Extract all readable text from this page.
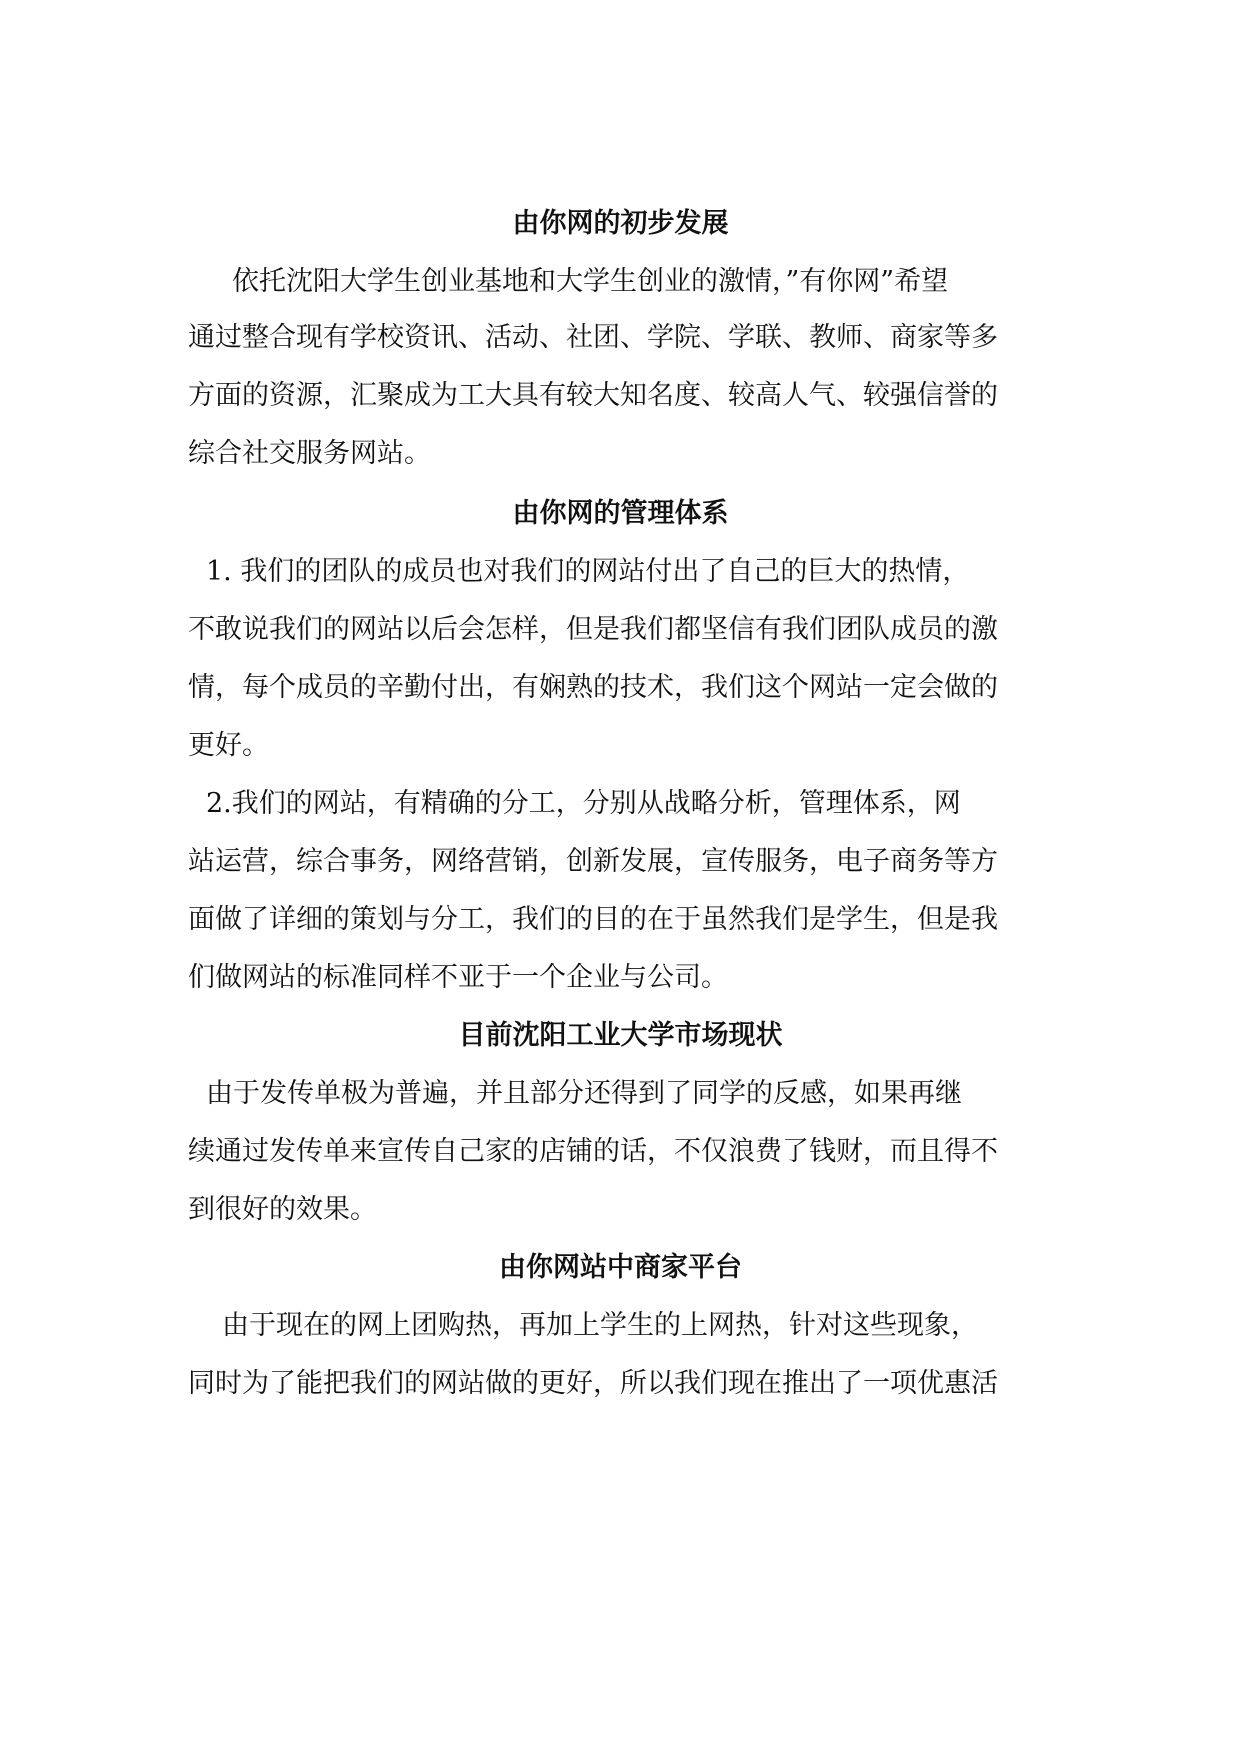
由你网的初步发展
依托沈阳大学生创业基地和大学生创业的激情，”有你网”希望
通过整合现有学校资讯、活动、社团、学院、学联、教师、商家等多
方面的资源，汇聚成为工大具有较大知名度、较高人气、较强信誉的
综合社交服务网站。
由你网的管理体系
1. 我们的团队的成员也对我们的网站付出了自己的巨大的热情，
不敢说我们的网站以后会怎样，但是我们都坚信有我们团队成员的激
情，每个成员的辛勤付出，有娴熟的技术，我们这个网站一定会做的
更好。
2.我们的网站，有精确的分工，分别从战略分析，管理体系，网
站运营，综合事务，网络营销，创新发展，宣传服务，电子商务等方
面做了详细的策划与分工，我们的目的在于虽然我们是学生，但是我
们做网站的标准同样不亚于一个企业与公司。
目前沈阳工业大学市场现状
由于发传单极为普遍，并且部分还得到了同学的反感，如果再继
续通过发传单来宣传自己家的店铺的话，不仅浪费了钱财，而且得不
到很好的效果。
由你网站中商家平台
由于现在的网上团购热，再加上学生的上网热，针对这些现象，
同时为了能把我们的网站做的更好，所以我们现在推出了一项优惠活
